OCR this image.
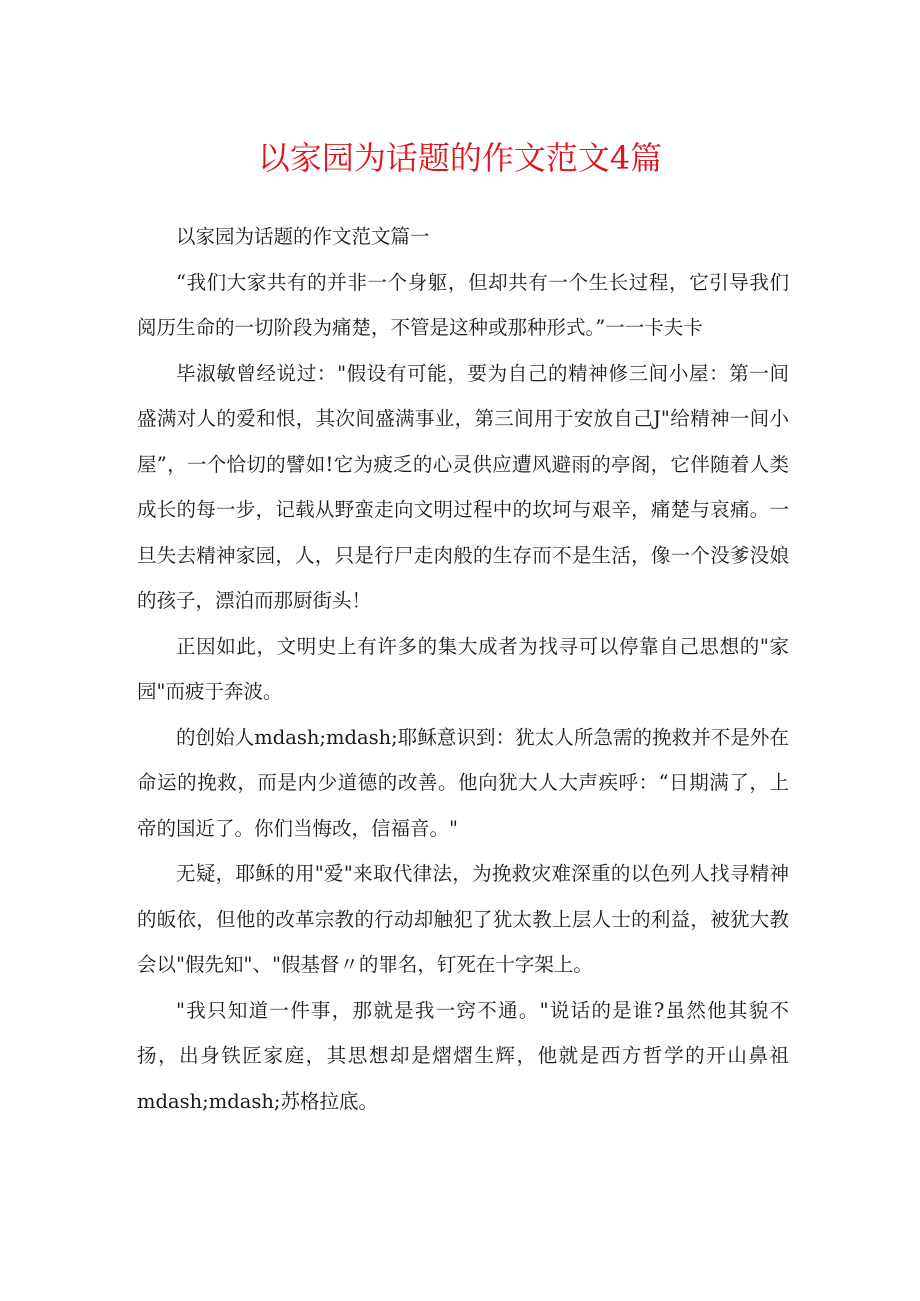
以家园为话题的作文范文4篇

以家园为话题的作文范文篇一

“我们大家共有的并非一个身躯，但却共有一个生长过程，它引导我们阅历生命的一切阶段为痛楚，不管是这种或那种形式。”一一卡夫卡

毕淑敏曾经说过："假设有可能，要为自己的精神修三间小屋：第一间盛满对人的爱和恨，其次间盛满事业，第三间用于安放自己J"给精神一间小屋”，一个恰切的譬如!它为疲乏的心灵供应遭风避雨的亭阁，它伴随着人类成长的每一步，记载从野蛮走向文明过程中的坎坷与艰辛，痛楚与哀痛。一旦失去精神家园，人，只是行尸走肉般的生存而不是生活，像一个没爹没娘的孩子，漂泊而那厨街头！

正因如此，文明史上有许多的集大成者为找寻可以停靠自己思想的"家园"而疲于奔波。

的创始人mdash;mdash;耶稣意识到：犹太人所急需的挽救并不是外在命运的挽救，而是内少道德的改善。他向犹大人大声疾呼：“日期满了，上帝的国近了。你们当悔改，信福音。"

无疑，耶稣的用"爱"来取代律法，为挽救灾难深重的以色列人找寻精神的皈依，但他的改革宗教的行动却触犯了犹太教上层人士的利益，被犹大教会以"假先知"、"假基督〃的罪名，钉死在十字架上。

"我只知道一件事，那就是我一窍不通。"说话的是谁?虽然他其貌不扬，出身铁匠家庭，其思想却是熠熠生辉，他就是西方哲学的开山鼻祖mdash;mdash;苏格拉底。
